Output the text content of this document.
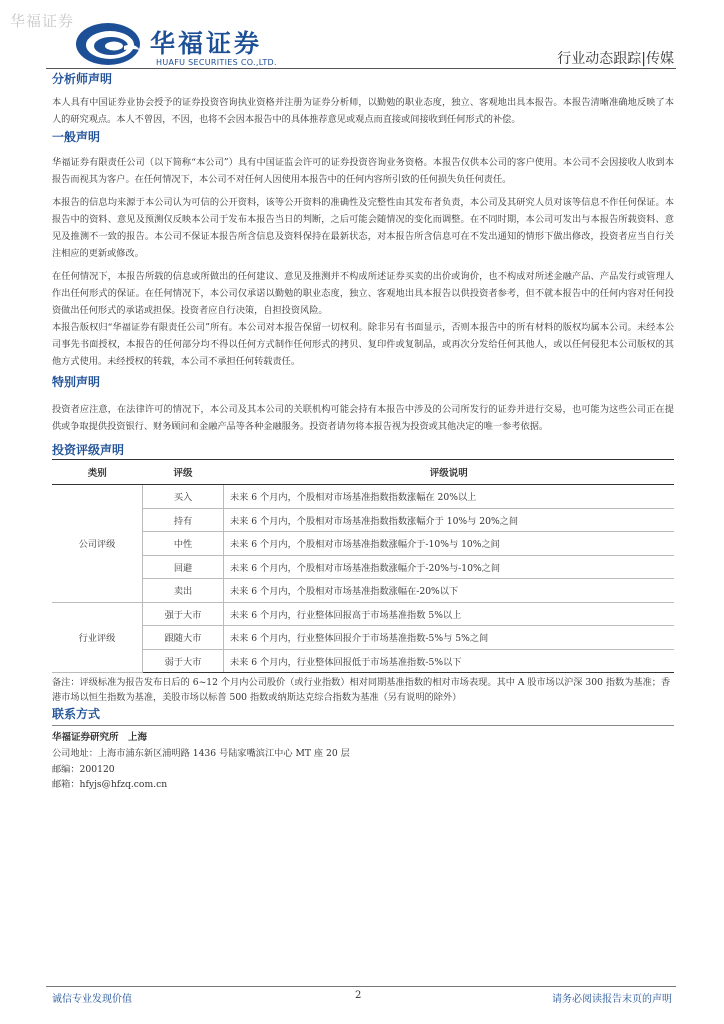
华福证券
华福证券
HUAFU SECURITIES CO.,LTD.	行业动态跟踪|传媒

分析师声明

本人具有中国证券业协会授予的证券投资咨询执业资格并注册为证券分析师，以勤勉的职业态度，独立、客观地出具本报告。本报告清晰准确地反映了本人的研究观点。本人不曾因，不因，也将不会因本报告中的具体推荐意见或观点而直接或间接收到任何形式的补偿。

一般声明

华福证券有限责任公司（以下简称“本公司”）具有中国证监会许可的证券投资咨询业务资格。本报告仅供本公司的客户使用。本公司不会因接收人收到本报告而视其为客户。在任何情况下，本公司不对任何人因使用本报告中的任何内容所引致的任何损失负任何责任。

本报告的信息均来源于本公司认为可信的公开资料，该等公开资料的准确性及完整性由其发布者负责，本公司及其研究人员对该等信息不作任何保证。本报告中的资料、意见及预测仅反映本公司于发布本报告当日的判断，之后可能会随情况的变化而调整。在不同时期，本公司可发出与本报告所载资料、意见及推测不一致的报告。本公司不保证本报告所含信息及资料保持在最新状态，对本报告所含信息可在不发出通知的情形下做出修改，投资者应当自行关注相应的更新或修改。

在任何情况下，本报告所载的信息或所做出的任何建议、意见及推测并不构成所述证券买卖的出价或询价，也不构成对所述金融产品、产品发行或管理人作出任何形式的保证。在任何情况下，本公司仅承诺以勤勉的职业态度，独立、客观地出具本报告以供投资者参考，但不就本报告中的任何内容对任何投资做出任何形式的承诺或担保。投资者应自行决策，自担投资风险。

本报告版权归“华福证券有限责任公司”所有。本公司对本报告保留一切权利。除非另有书面显示，否则本报告中的所有材料的版权均属本公司。未经本公司事先书面授权，本报告的任何部分均不得以任何方式制作任何形式的拷贝、复印件或复制品，或再次分发给任何其他人，或以任何侵犯本公司版权的其他方式使用。未经授权的转载，本公司不承担任何转载责任。

特别声明

投资者应注意，在法律许可的情况下，本公司及其本公司的关联机构可能会持有本报告中涉及的公司所发行的证券并进行交易，也可能为这些公司正在提供或争取提供投资银行、财务顾问和金融产品等各种金融服务。投资者请勿将本报告视为投资或其他决定的唯一参考依据。

投资评级声明

类别	评级	评级说明
公司评级	买入	未来 6 个月内，个股相对市场基准指数指数涨幅在 20%以上
	持有	未来 6 个月内，个股相对市场基准指数指数涨幅介于 10%与 20%之间
	中性	未来 6 个月内，个股相对市场基准指数涨幅介于-10%与 10%之间
	回避	未来 6 个月内，个股相对市场基准指数涨幅介于-20%与-10%之间
	卖出	未来 6 个月内，个股相对市场基准指数涨幅在-20%以下
行业评级	强于大市	未来 6 个月内，行业整体回报高于市场基准指数 5%以上
	跟随大市	未来 6 个月内，行业整体回报介于市场基准指数-5%与 5%之间
	弱于大市	未来 6 个月内，行业整体回报低于市场基准指数-5%以下

备注：评级标准为报告发布日后的 6~12 个月内公司股价（或行业指数）相对同期基准指数的相对市场表现。其中 A 股市场以沪深 300 指数为基准；香港市场以恒生指数为基准，美股市场以标普 500 指数或纳斯达克综合指数为基准（另有说明的除外）

联系方式

华福证券研究所　上海

公司地址：上海市浦东新区浦明路 1436 号陆家嘴滨江中心 MT 座 20 层

邮编：200120

邮箱：hfyjs@hfzq.com.cn

诚信专业发现价值	2	请务必阅读报告末页的声明
